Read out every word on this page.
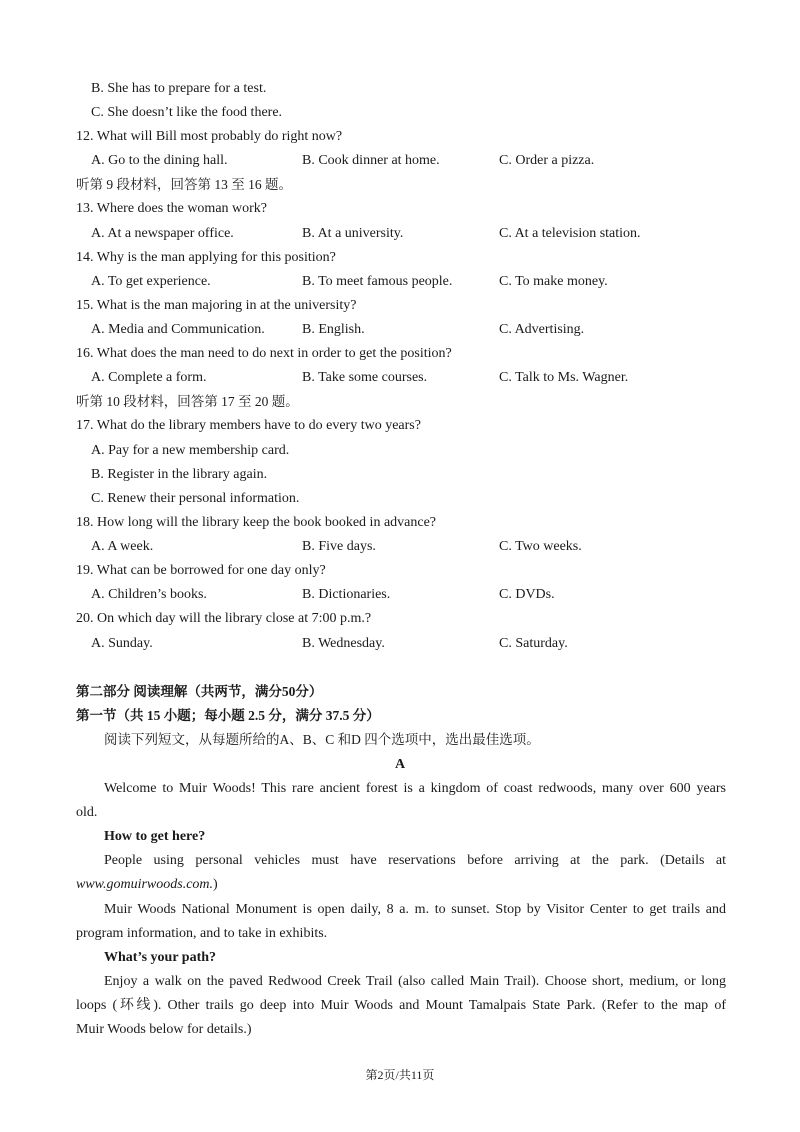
B. She has to prepare for a test.
C. She doesn’t like the food there.
12. What will Bill most probably do right now?
A. Go to the dining hall.	B. Cook dinner at home.	C. Order a pizza.
听第 9 段材料，回答第 13 至 16 题。
13. Where does the woman work?
A. At a newspaper office.	B. At a university.	C. At a television station.
14. Why is the man applying for this position?
A. To get experience.	B. To meet famous people.	C. To make money.
15. What is the man majoring in at the university?
A. Media and Communication.	B. English.	C. Advertising.
16. What does the man need to do next in order to get the position?
A. Complete a form.	B. Take some courses.	C. Talk to Ms. Wagner.
听第 10 段材料，回答第 17 至 20 题。
17. What do the library members have to do every two years?
A. Pay for a new membership card.
B. Register in the library again.
C. Renew their personal information.
18. How long will the library keep the book booked in advance?
A. A week.	B. Five days.	C. Two weeks.
19. What can be borrowed for one day only?
A. Children’s books.	B. Dictionaries.	C. DVDs.
20. On which day will the library close at 7:00 p.m.?
A. Sunday.	B. Wednesday.	C. Saturday.
第二部分 阅读理解（共两节，满分50分）
第一节（共 15 小题；每小题 2.5 分，满分 37.5 分）
阅读下列短文，从每题所给的A、B、C 和D 四个选项中，选出最佳选项。
A
Welcome to Muir Woods! This rare ancient forest is a kingdom of coast redwoods, many over 600 years
old.
How to get here?
People using personal vehicles must have reservations before arriving at the park. (Details at
www.gomuirwoods.com.)
Muir Woods National Monument is open daily, 8 a. m. to sunset. Stop by Visitor Center to get trails and
program information, and to take in exhibits.
What’s your path?
Enjoy a walk on the paved Redwood Creek Trail (also called Main Trail). Choose short, medium, or long
loops (环线). Other trails go deep into Muir Woods and Mount Tamalpais State Park. (Refer to the map of
Muir Woods below for details.)
第2页/共11页
